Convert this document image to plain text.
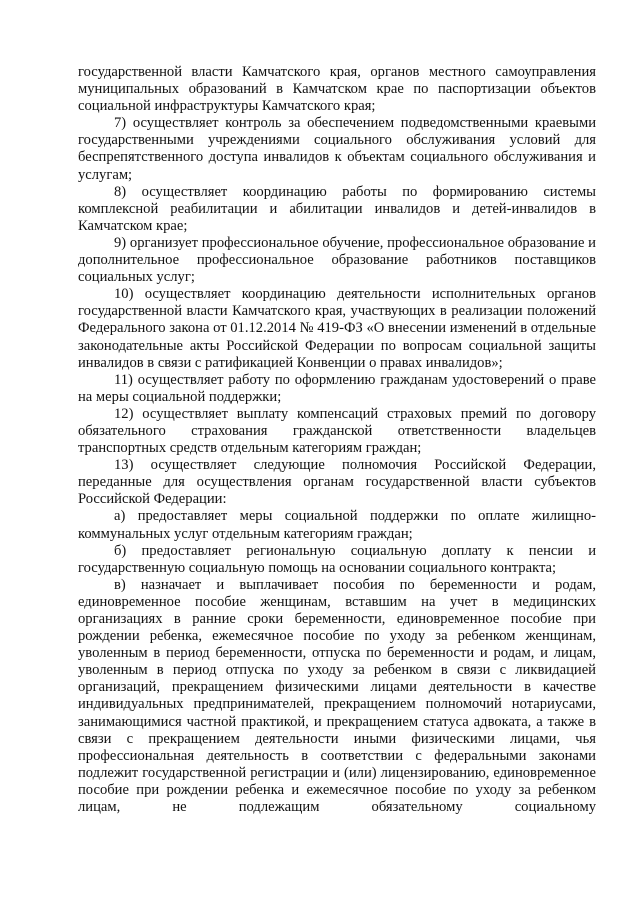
государственной власти Камчатского края, органов местного самоуправления муниципальных образований в Камчатском крае по паспортизации объектов социальной инфраструктуры Камчатского края;

7) осуществляет контроль за обеспечением подведомственными краевыми государственными учреждениями социального обслуживания условий для беспрепятственного доступа инвалидов к объектам социального обслуживания и услугам;

8) осуществляет координацию работы по формированию системы комплексной реабилитации и абилитации инвалидов и детей-инвалидов в Камчатском крае;

9) организует профессиональное обучение, профессиональное образование и дополнительное профессиональное образование работников поставщиков социальных услуг;

10) осуществляет координацию деятельности исполнительных органов государственной власти Камчатского края, участвующих в реализации положений Федерального закона от 01.12.2014 № 419-ФЗ «О внесении изменений в отдельные законодательные акты Российской Федерации по вопросам социальной защиты инвалидов в связи с ратификацией Конвенции о правах инвалидов»;

11) осуществляет работу по оформлению гражданам удостоверений о праве на меры социальной поддержки;

12) осуществляет выплату компенсаций страховых премий по договору обязательного страхования гражданской ответственности владельцев транспортных средств отдельным категориям граждан;

13) осуществляет следующие полномочия Российской Федерации, переданные для осуществления органам государственной власти субъектов Российской Федерации:

а) предоставляет меры социальной поддержки по оплате жилищно-коммунальных услуг отдельным категориям граждан;

б) предоставляет региональную социальную доплату к пенсии и государственную социальную помощь на основании социального контракта;

в) назначает и выплачивает пособия по беременности и родам, единовременное пособие женщинам, вставшим на учет в медицинских организациях в ранние сроки беременности, единовременное пособие при рождении ребенка, ежемесячное пособие по уходу за ребенком женщинам, уволенным в период беременности, отпуска по беременности и родам, и лицам, уволенным в период отпуска по уходу за ребенком в связи с ликвидацией организаций, прекращением физическими лицами деятельности в качестве индивидуальных предпринимателей, прекращением полномочий нотариусами, занимающимися частной практикой, и прекращением статуса адвоката, а также в связи с прекращением деятельности иными физическими лицами, чья профессиональная деятельность в соответствии с федеральными законами подлежит государственной регистрации и (или) лицензированию, единовременное пособие при рождении ребенка и ежемесячное пособие по уходу за ребенком лицам, не подлежащим обязательному социальному
